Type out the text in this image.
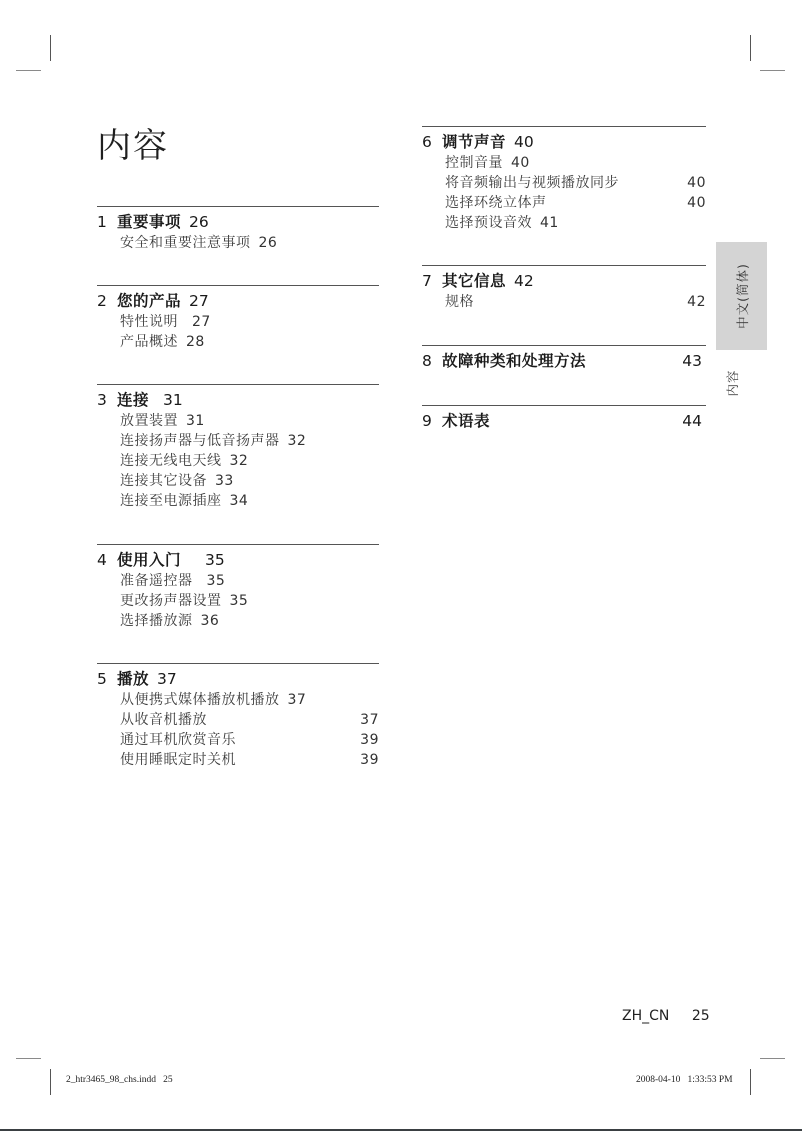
内容
1 重要事项 26
安全和重要注意事项 26
2 您的产品 27
特性说明 27
产品概述 28
3 连接 31
放置装置 31
连接扬声器与低音扬声器 32
连接无线电天线 32
连接其它设备 33
连接至电源插座 34
4 使用入门 35
准备遥控器 35
更改扬声器设置 35
选择播放源 36
5 播放 37
从便携式媒体播放机播放 37
从收音机播放	37
通过耳机欣赏音乐	39
使用睡眠定时关机	39
6 调节声音 40
控制音量 40
将音频输出与视频播放同步	40
选择环绕立体声	40
选择预设音效 41
7 其它信息 42
规格	42
8 故障种类和处理方法	43
9 术语表	44
中文(简体)
内容
ZH_CN 25
2_htr3465_98_chs.indd   25	2008-04-10   1:33:53 PM
